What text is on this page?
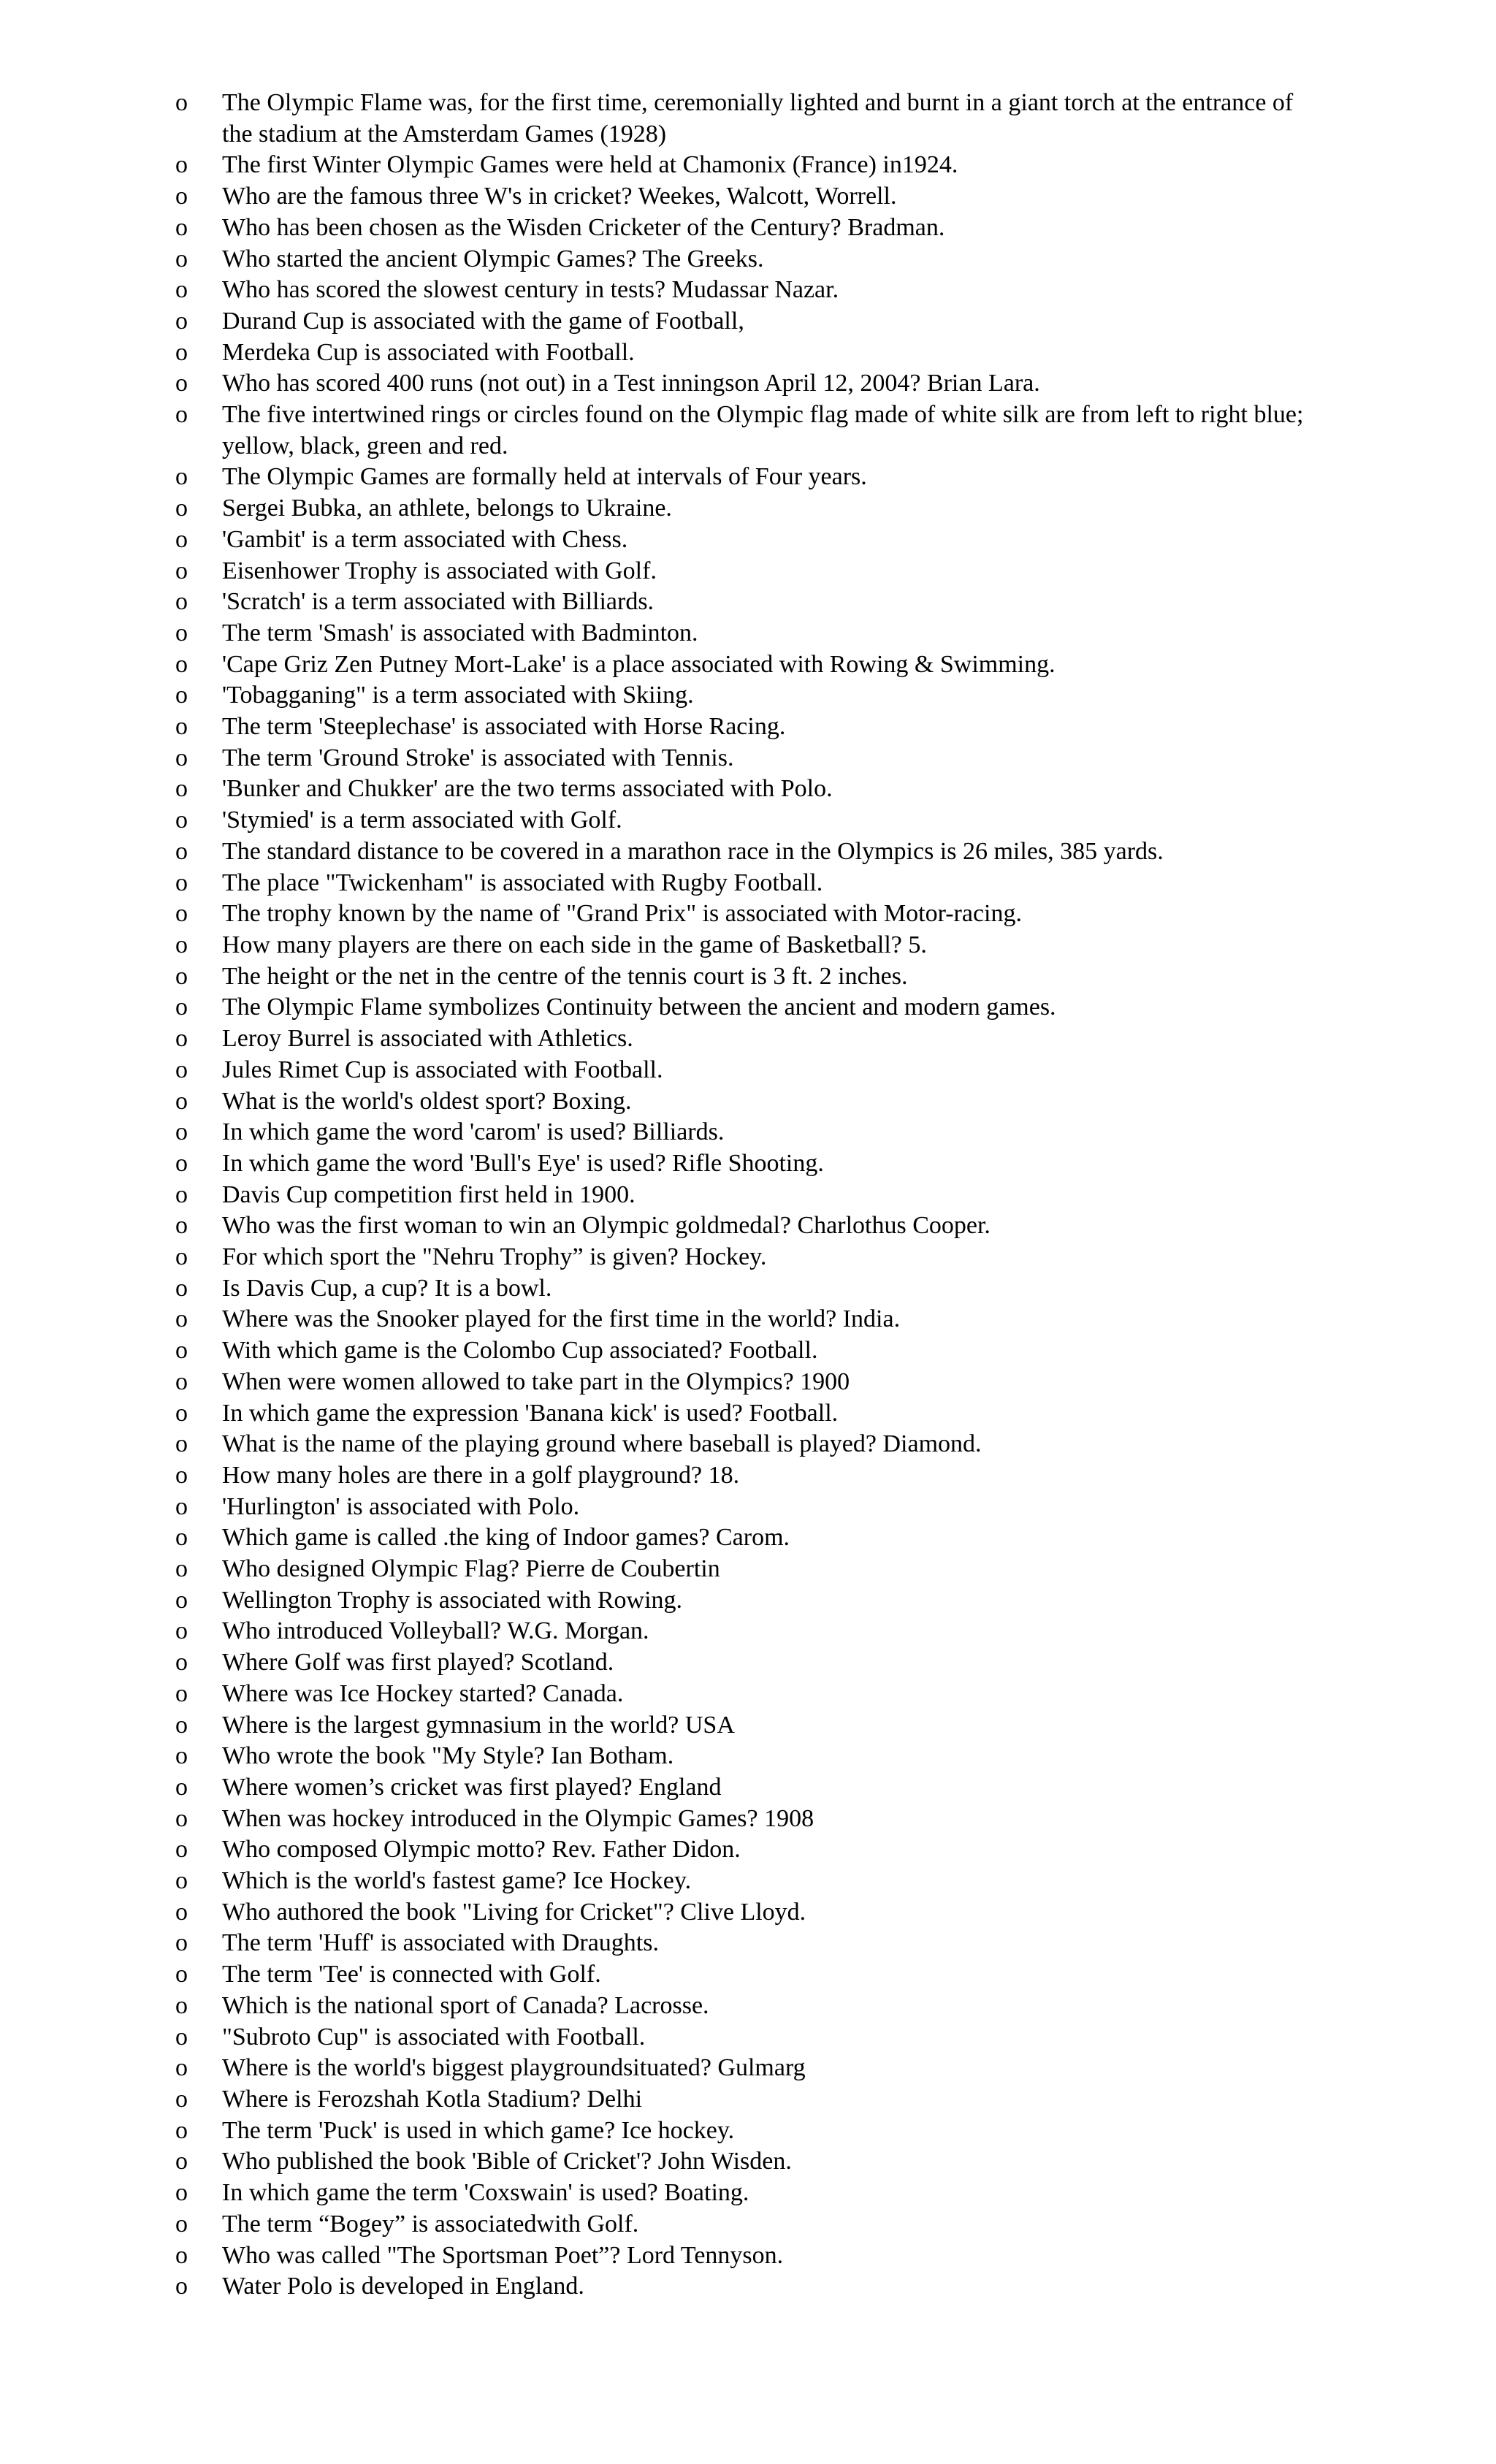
o	The Olympic Flame was, for the first time, ceremonially lighted and burnt in a giant torch at the entrance of the stadium at the Amsterdam Games (1928)
o	The first Winter Olympic Games were held at Chamonix (France) in1924.
o	Who are the famous three W's in cricket? Weekes, Walcott, Worrell.
o	Who has been chosen as the Wisden Cricketer of the Century? Bradman.
o	Who started the ancient Olympic Games? The Greeks.
o	Who has scored the slowest century in tests? Mudassar Nazar.
o	Durand Cup is associated with the game of Football,
o	Merdeka Cup is associated with Football.
o	Who has scored 400 runs (not out) in a Test inningson April 12, 2004? Brian Lara.
o	The five intertwined rings or circles found on the Olympic flag made of white silk are from left to right blue; yellow, black, green and red.
o	The Olympic Games are formally held at intervals of Four years.
o	Sergei Bubka, an athlete, belongs to Ukraine.
o	'Gambit' is a term associated with Chess.
o	Eisenhower Trophy is associated with Golf.
o	'Scratch' is a term associated with Billiards.
o	The term 'Smash' is associated with Badminton.
o	'Cape Griz Zen Putney Mort-Lake' is a place associated with Rowing & Swimming.
o	'Tobagganing" is a term associated with Skiing.
o	The term 'Steeplechase' is associated with Horse Racing.
o	The term 'Ground Stroke' is associated with Tennis.
o	'Bunker and Chukker' are the two terms associated with Polo.
o	'Stymied' is a term associated with Golf.
o	The standard distance to be covered in a marathon race in the Olympics is 26 miles, 385 yards.
o	The place "Twickenham" is associated with Rugby Football.
o	The trophy known by the name of "Grand Prix" is associated with Motor-racing.
o	How many players are there on each side in the game of Basketball? 5.
o	The height or the net in the centre of the tennis court is 3 ft. 2 inches.
o	The Olympic Flame symbolizes Continuity between the ancient and modern games.
o	Leroy Burrel is associated with Athletics.
o	Jules Rimet Cup is associated with Football.
o	What is the world's oldest sport? Boxing.
o	In which game the word 'carom' is used? Billiards.
o	In which game the word 'Bull's Eye' is used? Rifle Shooting.
o	Davis Cup competition first held in 1900.
o	Who was the first woman to win an Olympic goldmedal? Charlothus Cooper.
o	For which sport the "Nehru Trophy” is given? Hockey.
o	Is Davis Cup, a cup? It is a bowl.
o	Where was the Snooker played for the first time in the world? India.
o	With which game is the Colombo Cup associated? Football.
o	When were women allowed to take part in the Olympics? 1900
o	In which game the expression 'Banana kick' is used? Football.
o	What is the name of the playing ground where baseball is played? Diamond.
o	How many holes are there in a golf playground? 18.
o	'Hurlington' is associated with Polo.
o	Which game is called .the king of Indoor games? Carom.
o	Who designed Olympic Flag? Pierre de Coubertin
o	Wellington Trophy is associated with Rowing.
o	Who introduced Volleyball? W.G. Morgan.
o	Where Golf was first played? Scotland.
o	Where was Ice Hockey started? Canada.
o	Where is the largest gymnasium in the world? USA
o	Who wrote the book "My Style? Ian Botham.
o	Where women’s cricket was first played? England
o	When was hockey introduced in the Olympic Games? 1908
o	Who composed Olympic motto? Rev. Father Didon.
o	Which is the world's fastest game? Ice Hockey.
o	Who authored the book "Living for Cricket"? Clive Lloyd.
o	The term 'Huff' is associated with Draughts.
o	The term 'Tee' is connected with Golf.
o	Which is the national sport of Canada? Lacrosse.
o	"Subroto Cup" is associated with Football.
o	Where is the world's biggest playgroundsituated? Gulmarg
o	Where is Ferozshah Kotla Stadium? Delhi
o	The term 'Puck' is used in which game? Ice hockey.
o	Who published the book 'Bible of Cricket'? John Wisden.
o	In which game the term 'Coxswain' is used? Boating.
o	The term “Bogey” is associatedwith Golf.
o	Who was called "The Sportsman Poet”? Lord Tennyson.
o	Water Polo is developed in England.
